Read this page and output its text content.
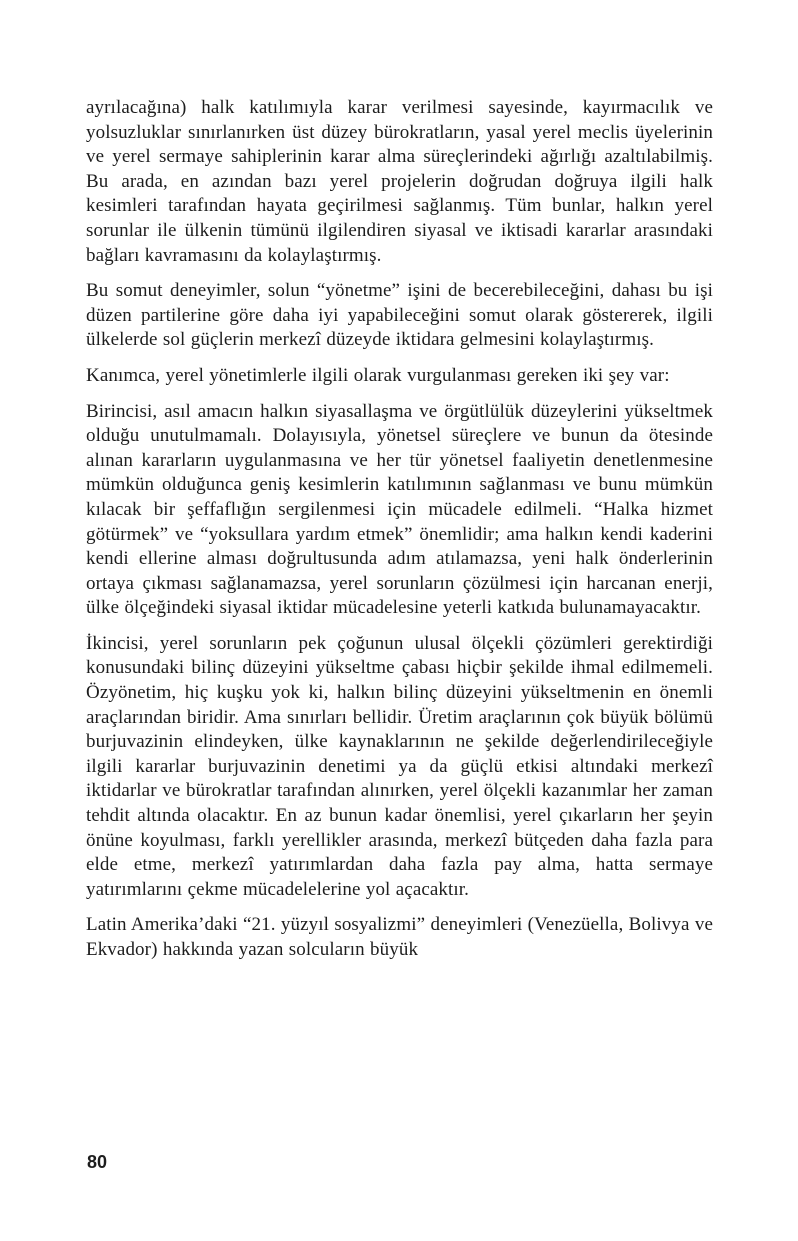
ayrılacağına) halk katılımıyla karar verilmesi sayesinde, kayırmacılık ve yolsuzluklar sınırlanırken üst düzey bürokratların, yasal yerel meclis üyelerinin ve yerel sermaye sahiplerinin karar alma süreçlerindeki ağırlığı azaltılabilmiş. Bu arada, en azından bazı yerel projelerin doğrudan doğruya ilgili halk kesimleri tarafından hayata geçirilmesi sağlanmış. Tüm bunlar, halkın yerel sorunlar ile ülkenin tümünü ilgilendiren siyasal ve iktisadi kararlar arasındaki bağları kavramasını da kolaylaştırmış.

Bu somut deneyimler, solun “yönetme” işini de becerebileceğini, dahası bu işi düzen partilerine göre daha iyi yapabileceğini somut olarak göstererek, ilgili ülkelerde sol güçlerin merkezî düzeyde iktidara gelmesini kolaylaştırmış.

Kanımca, yerel yönetimlerle ilgili olarak vurgulanması gereken iki şey var:

Birincisi, asıl amacın halkın siyasallaşma ve örgütlülük düzeylerini yükseltmek olduğu unutulmamalı. Dolayısıyla, yönetsel süreçlere ve bunun da ötesinde alınan kararların uygulanmasına ve her tür yönetsel faaliyetin denetlenmesine mümkün olduğunca geniş kesimlerin katılımının sağlanması ve bunu mümkün kılacak bir şeffaflığın sergilenmesi için mücadele edilmeli. “Halka hizmet götürmek” ve “yoksullara yardım etmek” önemlidir; ama halkın kendi kaderini kendi ellerine alması doğrultusunda adım atılamazsa, yeni halk önderlerinin ortaya çıkması sağlanamazsa, yerel sorunların çözülmesi için harcanan enerji, ülke ölçeğindeki siyasal iktidar mücadelesine yeterli katkıda bulunamayacaktır.

İkincisi, yerel sorunların pek çoğunun ulusal ölçekli çözümleri gerektirdiği konusundaki bilinç düzeyini yükseltme çabası hiçbir şekilde ihmal edilmemeli. Özyönetim, hiç kuşku yok ki, halkın bilinç düzeyini yükseltmenin en önemli araçlarından biridir. Ama sınırları bellidir. Üretim araçlarının çok büyük bölümü burjuvazinin elindeyken, ülke kaynaklarının ne şekilde değerlendirileceğiyle ilgili kararlar burjuvazinin denetimi ya da güçlü etkisi altındaki merkezî iktidarlar ve bürokratlar tarafından alınırken, yerel ölçekli kazanımlar her zaman tehdit altında olacaktır. En az bunun kadar önemlisi, yerel çıkarların her şeyin önüne koyulması, farklı yerellikler arasında, merkezî bütçeden daha fazla para elde etme, merkezî yatırımlardan daha fazla pay alma, hatta sermaye yatırımlarını çekme mücadelelerine yol açacaktır.

Latin Amerika’daki “21. yüzyıl sosyalizmi” deneyimleri (Venezüella, Bolivya ve Ekvador) hakkında yazan solcuların büyük

80
